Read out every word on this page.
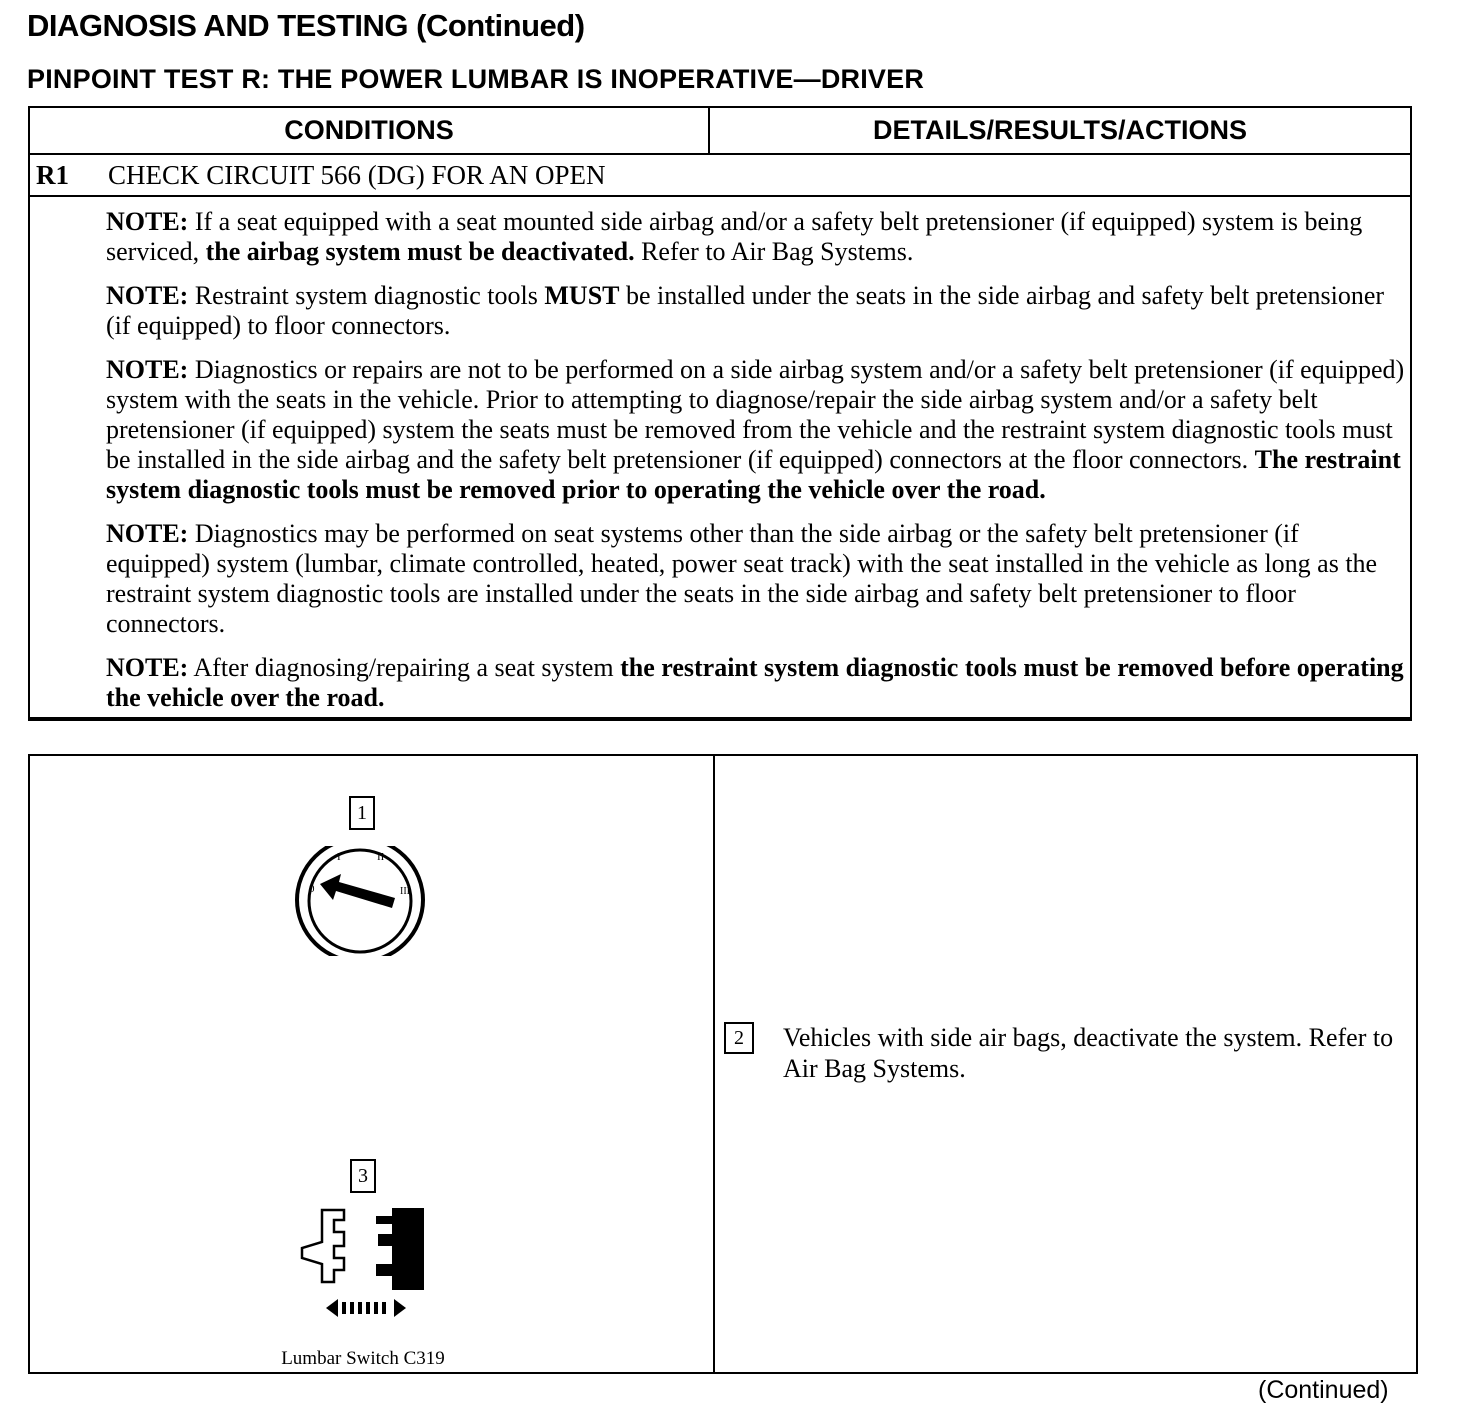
DIAGNOSIS AND TESTING (Continued)
PINPOINT TEST R: THE POWER LUMBAR IS INOPERATIVE—DRIVER
CONDITIONS	DETAILS/RESULTS/ACTIONS
R1	CHECK CIRCUIT 566 (DG) FOR AN OPEN

NOTE: If a seat equipped with a seat mounted side airbag and/or a safety belt pretensioner (if equipped) system is being serviced, the airbag system must be deactivated. Refer to Air Bag Systems.

NOTE: Restraint system diagnostic tools MUST be installed under the seats in the side airbag and safety belt pretensioner (if equipped) to floor connectors.

NOTE: Diagnostics or repairs are not to be performed on a side airbag system and/or a safety belt pretensioner (if equipped) system with the seats in the vehicle. Prior to attempting to diagnose/repair the side airbag system and/or a safety belt pretensioner (if equipped) system the seats must be removed from the vehicle and the restraint system diagnostic tools must be installed in the side airbag and the safety belt pretensioner (if equipped) connectors at the floor connectors. The restraint system diagnostic tools must be removed prior to operating the vehicle over the road.

NOTE: Diagnostics may be performed on seat systems other than the side airbag or the safety belt pretensioner (if equipped) system (lumbar, climate controlled, heated, power seat track) with the seat installed in the vehicle as long as the restraint system diagnostic tools are installed under the seats in the side airbag and safety belt pretensioner to floor connectors.

NOTE: After diagnosing/repairing a seat system the restraint system diagnostic tools must be removed before operating the vehicle over the road.

1
0
I	II
III
3
Lumbar Switch C319
2	Vehicles with side air bags, deactivate the system. Refer to Air Bag Systems.
(Continued)
